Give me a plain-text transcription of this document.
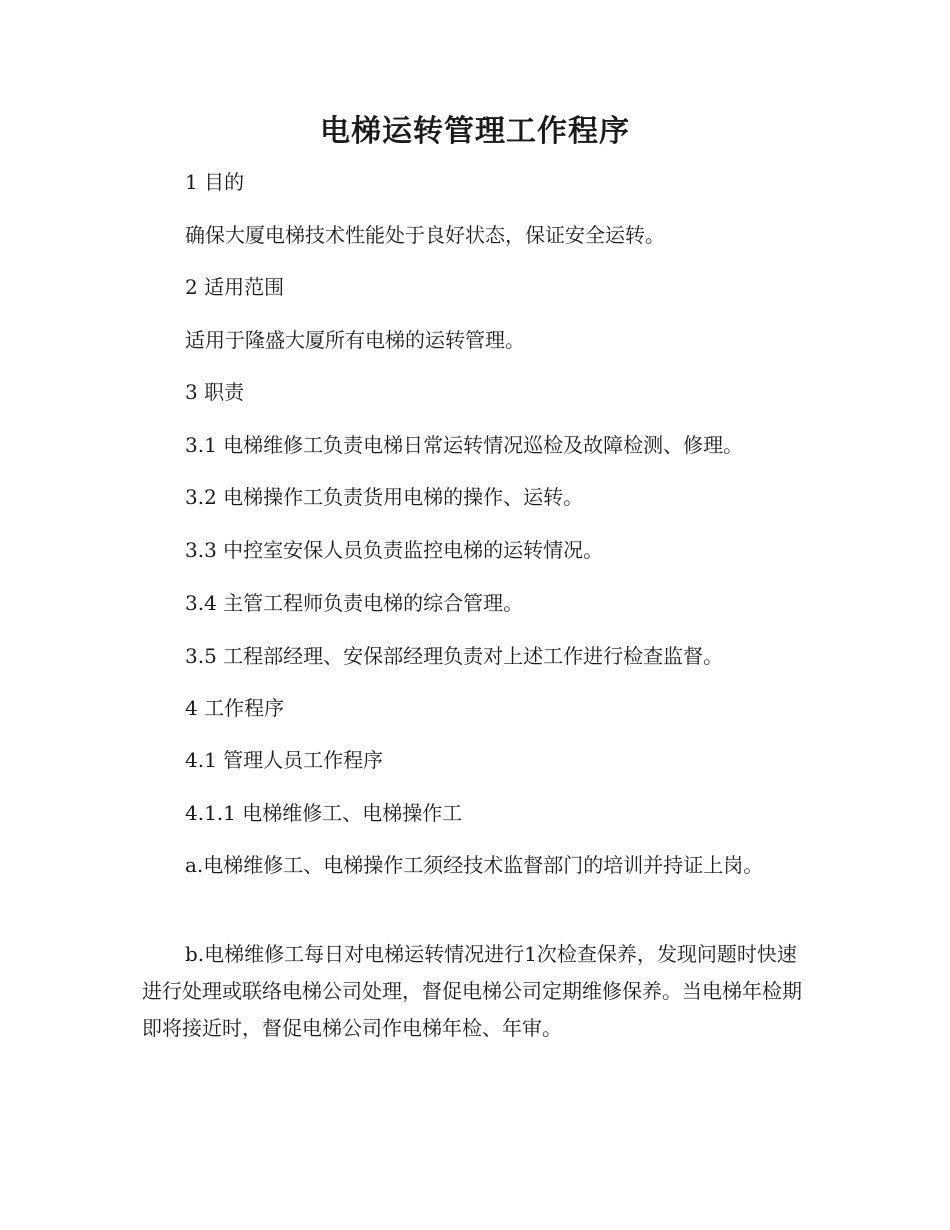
电梯运转管理工作程序

1 目的

确保大厦电梯技术性能处于良好状态，保证安全运转。

2 适用范围

适用于隆盛大厦所有电梯的运转管理。

3 职责

3.1 电梯维修工负责电梯日常运转情况巡检及故障检测、修理。

3.2 电梯操作工负责货用电梯的操作、运转。

3.3 中控室安保人员负责监控电梯的运转情况。

3.4 主管工程师负责电梯的综合管理。

3.5 工程部经理、安保部经理负责对上述工作进行检查监督。

4 工作程序

4.1 管理人员工作程序

4.1.1 电梯维修工、电梯操作工

a.电梯维修工、电梯操作工须经技术监督部门的培训并持证上岗。

b.电梯维修工每日对电梯运转情况进行1次检查保养，发现问题时快速进行处理或联络电梯公司处理，督促电梯公司定期维修保养。当电梯年检期即将接近时，督促电梯公司作电梯年检、年审。
